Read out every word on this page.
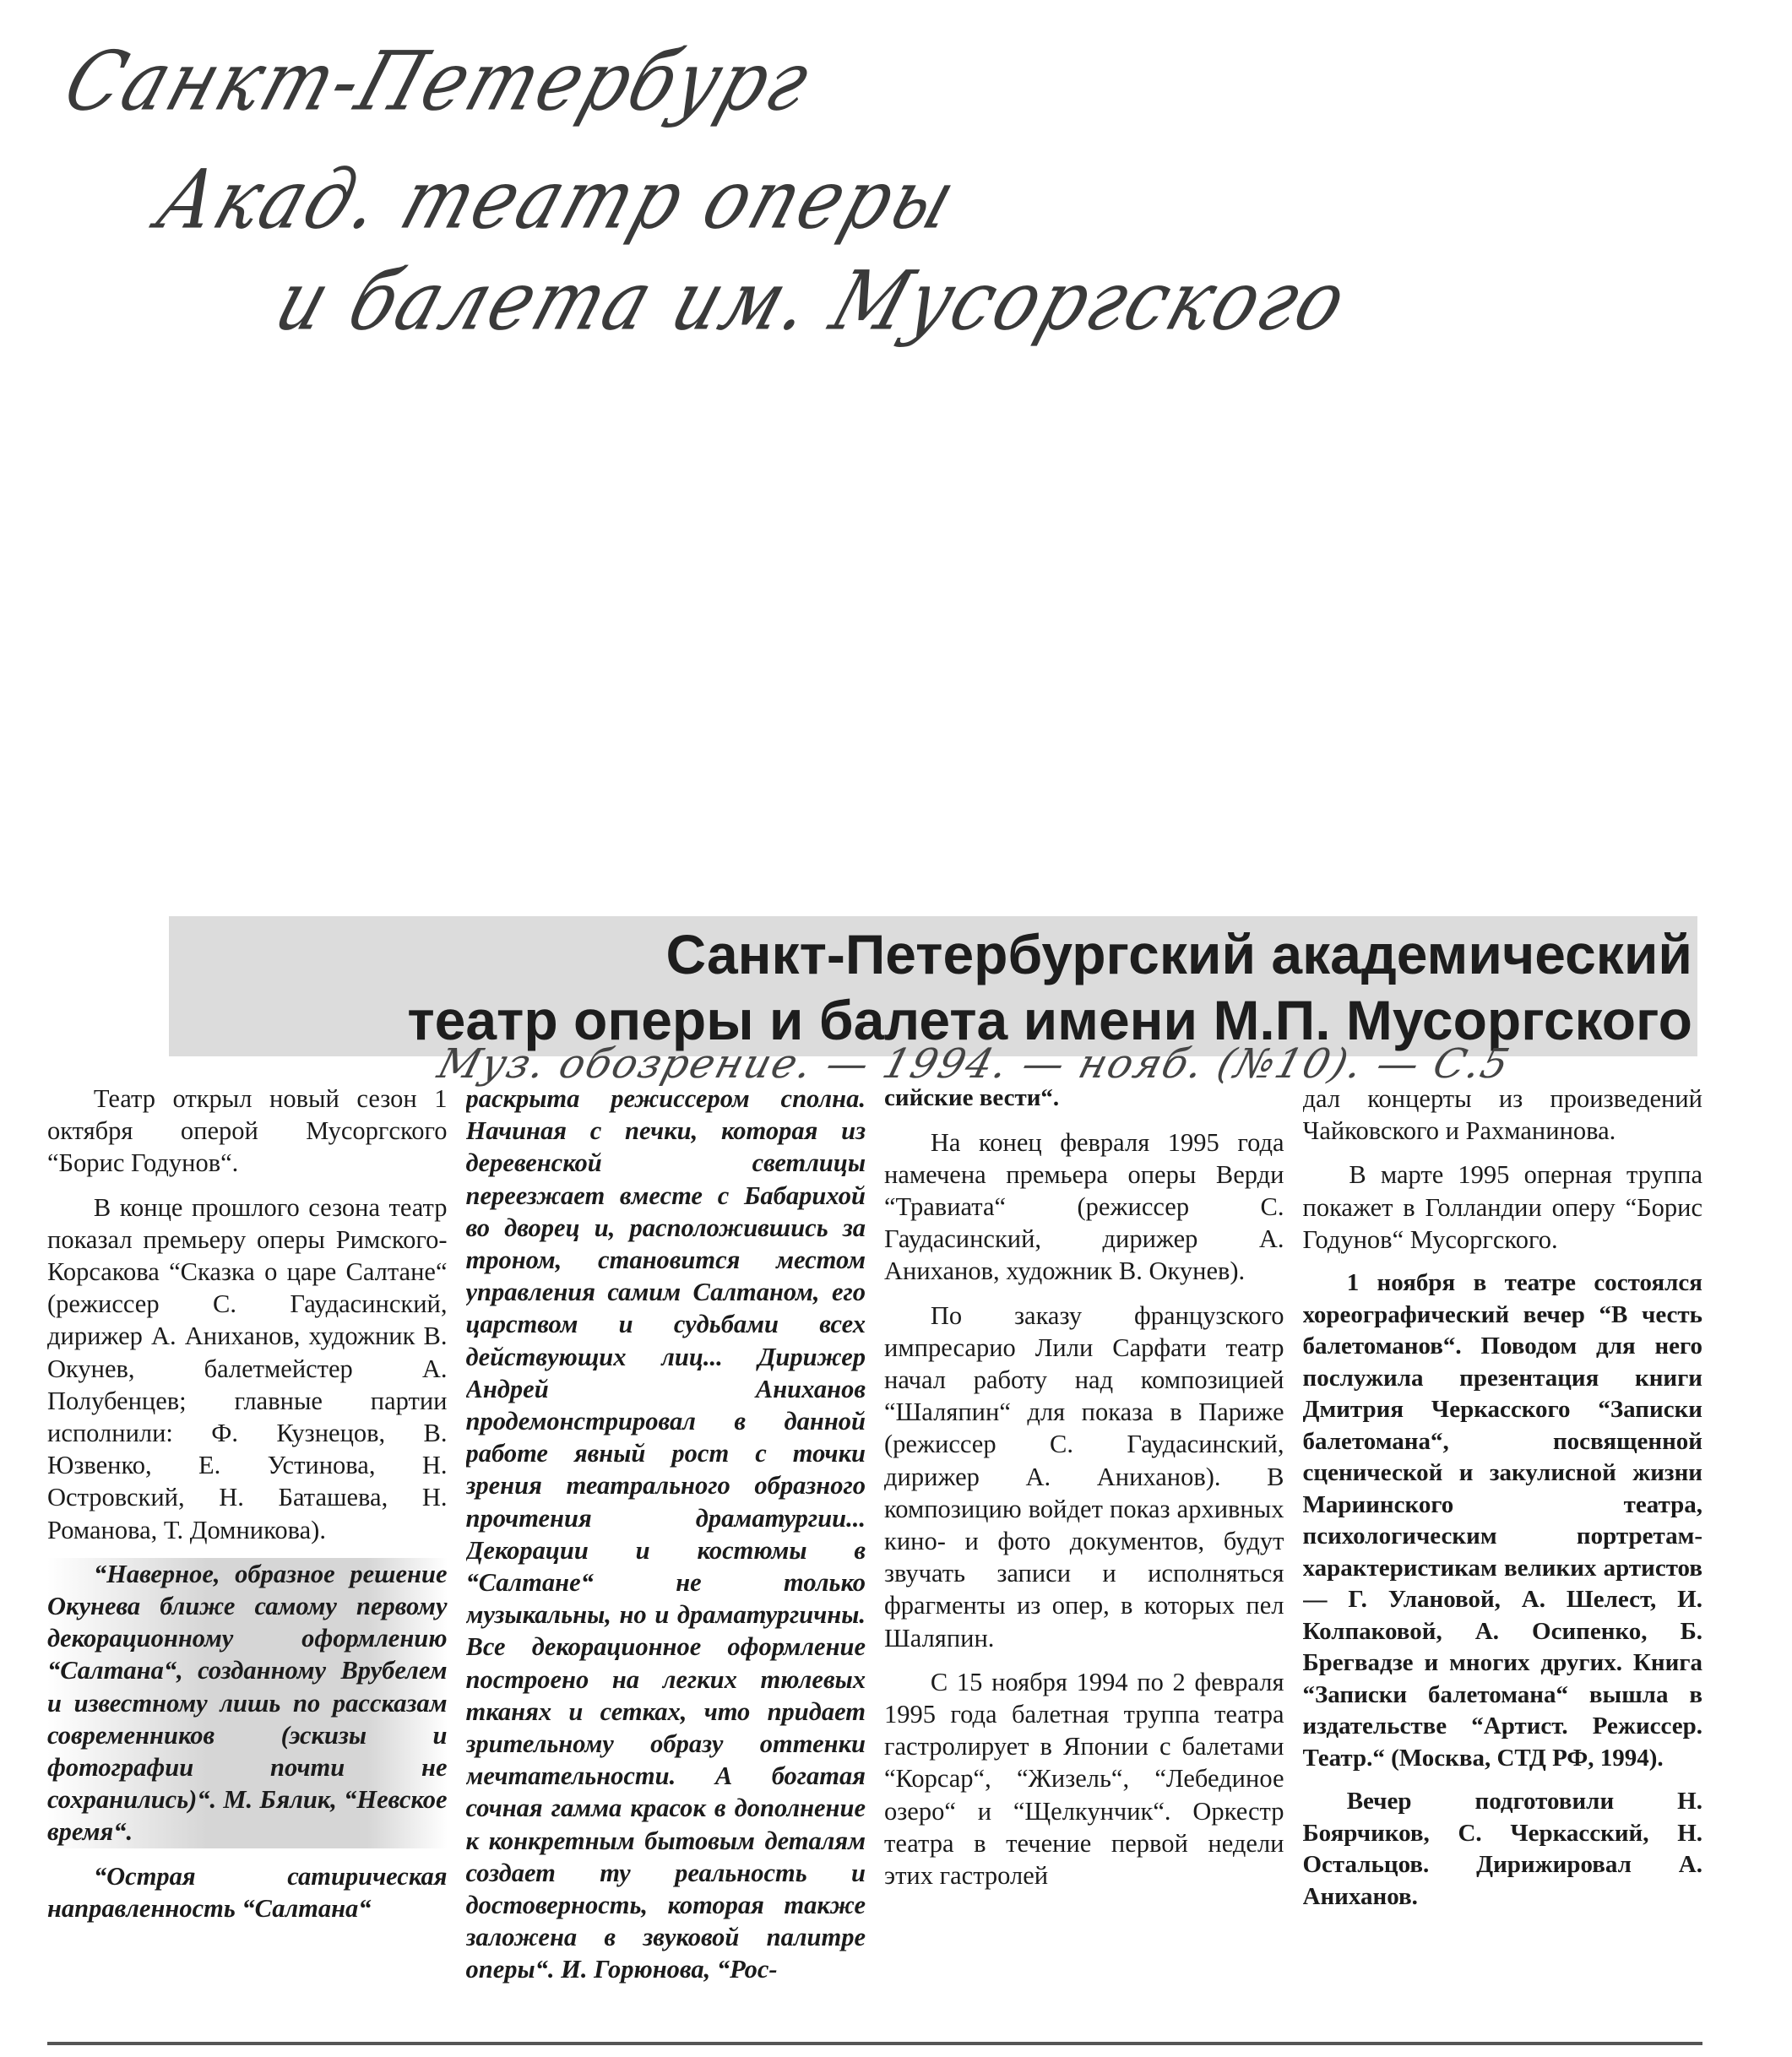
Санкт-Петербург
Акад. театр оперы
и балета им. Мусоргского
Санкт-Петербургский академический
театр оперы и балета имени М.П. Мусоргского
Муз. обозрение. — 1994. — нояб. (№10). — С.5

Театр открыл новый сезон 1 октября оперой Мусоргского “Борис Годунов“.

В конце прошлого сезона театр показал премьеру оперы Римского-Корсакова “Сказка о царе Салтане“ (режиссер С. Гаудасинский, дирижер А. Аниханов, художник В. Окунев, балетмейстер А. Полубенцев; главные партии исполнили: Ф. Кузнецов, В. Юзвенко, Е. Устинова, Н. Островский, Н. Баташева, Н. Романова, Т. Домникова).

“Наверное, образное решение Окунева ближе самому первому декорационному оформлению “Салтана“, созданному Врубелем и известному лишь по рассказам современников (эскизы и фотографии почти не сохранились)“. М. Бялик, “Невское время“.

“Острая сатирическая направленность “Салтана“

раскрыта режиссером сполна. Начиная с печки, которая из деревенской светлицы переезжает вместе с Бабарихой во дворец и, расположившись за троном, становится местом управления самим Салтаном, его царством и судьбами всех действующих лиц... Дирижер Андрей Аниханов продемонстрировал в данной работе явный рост с точки зрения театрального образного прочтения драматургии... Декорации и костюмы в “Салтане“ не только музыкальны, но и драматургичны. Все декорационное оформление построено на легких тюлевых тканях и сетках, что придает зрительному образу оттенки мечтательности. А богатая сочная гамма красок в дополнение к конкретным бытовым деталям создает ту реальность и достоверность, которая также заложена в звуковой палитре оперы“. И. Горюнова, “Рос-

сийские вести“.

На конец февраля 1995 года намечена премьера оперы Верди “Травиата“ (режиссер С. Гаудасинский, дирижер А. Аниханов, художник В. Окунев).

По заказу французского импресарио Лили Сарфати театр начал работу над композицией “Шаляпин“ для показа в Париже (режиссер С. Гаудасинский, дирижер А. Аниханов). В композицию войдет показ архивных кино- и фото документов, будут звучать записи и исполняться фрагменты из опер, в которых пел Шаляпин.

С 15 ноября 1994 по 2 февраля 1995 года балетная труппа театра гастролирует в Японии с балетами “Корсар“, “Жизель“, “Лебединое озеро“ и “Щелкунчик“. Оркестр театра в течение первой недели этих гастролей

дал концерты из произведений Чайковского и Рахманинова.

В марте 1995 оперная труппа покажет в Голландии оперу “Борис Годунов“ Мусоргского.

1 ноября в театре состоялся хореографический вечер “В честь балетоманов“. Поводом для него послужила презентация книги Дмитрия Черкасского “Записки балетомана“, посвященной сценической и закулисной жизни Мариинского театра, психологическим портретам-характеристикам великих артистов — Г. Улановой, А. Шелест, И. Колпаковой, А. Осипенко, Б. Брегвадзе и многих других. Книга “Записки балетомана“ вышла в издательстве “Артист. Режиссер. Театр.“ (Москва, СТД РФ, 1994).

Вечер подготовили Н. Боярчиков, С. Черкасский, Н. Остальцов. Дирижировал А. Аниханов.
